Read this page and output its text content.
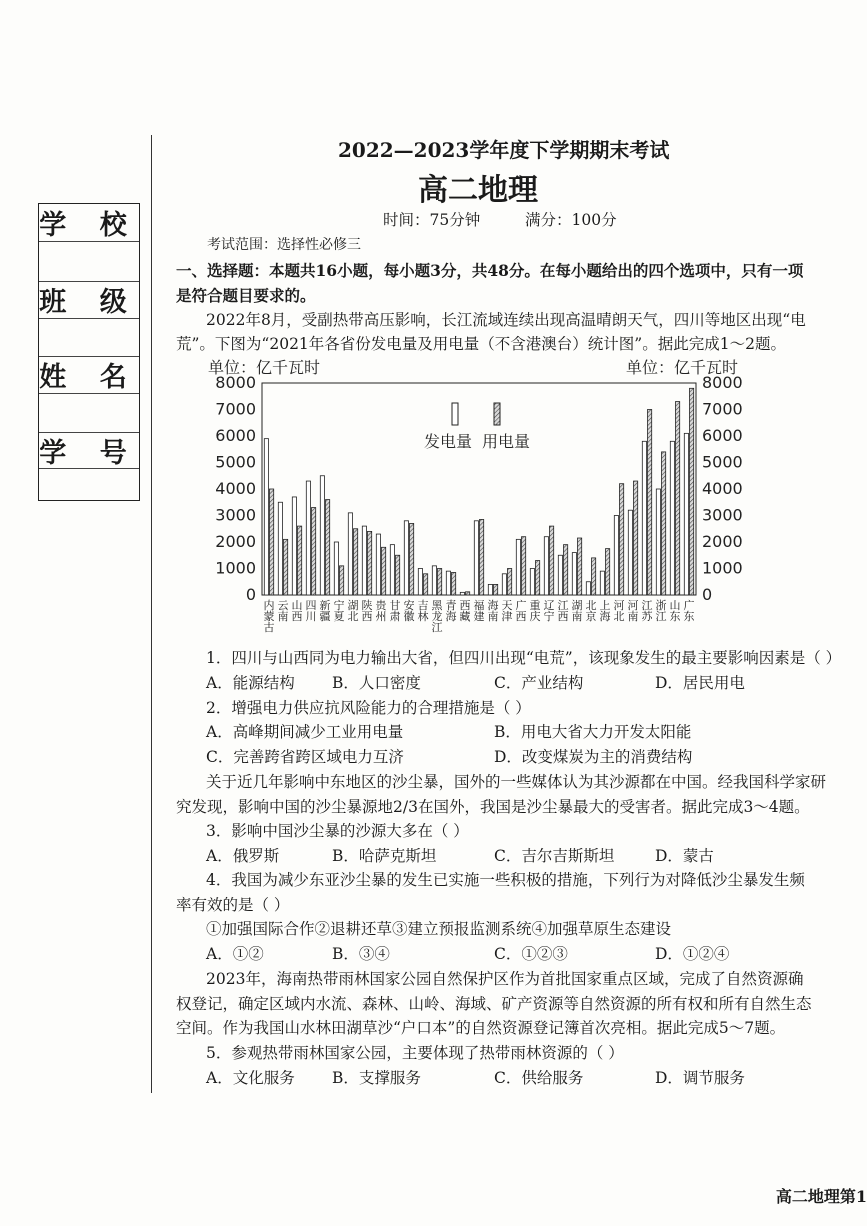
学 校
班 级
姓 名
学 号
2022—2023学年度下学期期末考试
高二地理
时间：75分钟	满分：100分
考试范围：选择性必修三
一、选择题：本题共16小题，每小题3分，共48分。在每小题给出的四个选项中，只有一项
是符合题目要求的。
2022年8月，受副热带高压影响，长江流域连续出现高温晴朗天气，四川等地区出现“电
荒”。下图为“2021年各省份发电量及用电量（不含港澳台）统计图”。据此完成1～2题。
单位：亿千瓦时	单位：亿千瓦时
0
1000
2000
3000
4000
5000
6000
7000
8000
0
1000
2000
3000
4000
5000
6000
7000
8000
发电量 用电量
内
蒙
古
云
南
山
西
四
川
新
疆
宁
夏
湖
北
陕
西
贵
州
甘
肃
安
徽
吉
林
黑
龙
江
青
海
西
藏
福
建
海
南
天
津
广
西
重
庆
辽
宁
江
西
湖
南
北
京
上
海
河
北
河
南
江
苏
浙
江
山
东
广
东
1．四川与山西同为电力输出大省，但四川出现“电荒”，该现象发生的最主要影响因素是（ ）
A．能源结构 B．人口密度	C．产业结构	D．居民用电
2．增强电力供应抗风险能力的合理措施是（ ）
A．高峰期间减少工业用电量	B．用电大省大力开发太阳能
C．完善跨省跨区域电力互济	D．改变煤炭为主的消费结构
关于近几年影响中东地区的沙尘暴，国外的一些媒体认为其沙源都在中国。经我国科学家研
究发现，影响中国的沙尘暴源地2/3在国外，我国是沙尘暴最大的受害者。据此完成3～4题。
3．影响中国沙尘暴的沙源大多在（ ）
A．俄罗斯	B．哈萨克斯坦	C．吉尔吉斯斯坦	D．蒙古
4．我国为减少东亚沙尘暴的发生已实施一些积极的措施，下列行为对降低沙尘暴发生频
率有效的是（ ）
①加强国际合作②退耕还草③建立预报监测系统④加强草原生态建设
A．①②	B．③④	C．①②③	D．①②④
2023年，海南热带雨林国家公园自然保护区作为首批国家重点区域，完成了自然资源确
权登记，确定区域内水流、森林、山岭、海域、矿产资源等自然资源的所有权和所有自然生态
空间。作为我国山水林田湖草沙“户口本”的自然资源登记簿首次亮相。据此完成5～7题。
5．参观热带雨林国家公园，主要体现了热带雨林资源的（ ）
A．文化服务 B．支撑服务	C．供给服务	D．调节服务
高二地理第1
